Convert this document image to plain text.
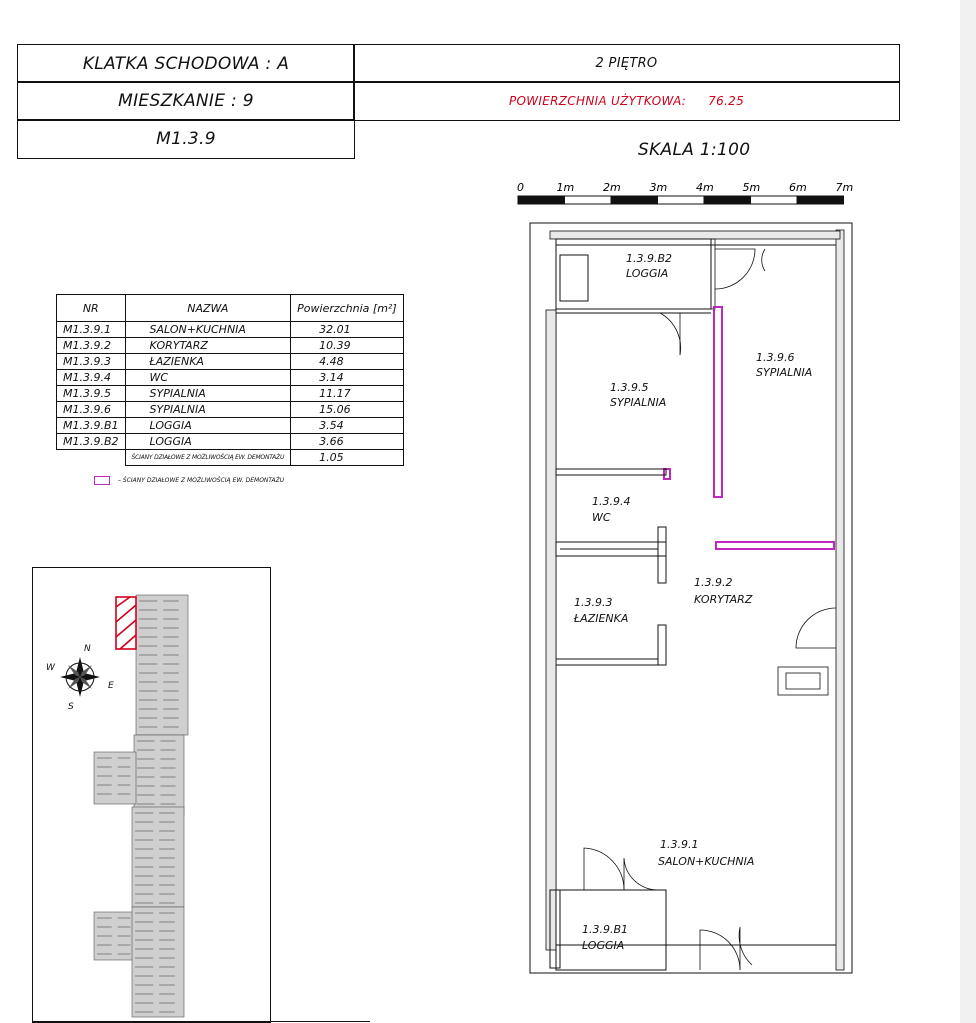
KLATKA SCHODOWA : A	2 PIĘTRO
MIESZKANIE : 9	POWIERZCHNIA UŻYTKOWA: 76.25
M1.3.9
SKALA 1:100
0	1m	2m	3m	4m	5m	6m	7m
NR	NAZWA	Powierzchnia [m²]
M1.3.9.1	SALON+KUCHNIA	32.01
M1.3.9.2	KORYTARZ	10.39
M1.3.9.3	ŁAZIENKA	4.48
M1.3.9.4	WC	3.14
M1.3.9.5	SYPIALNIA	11.17
M1.3.9.6	SYPIALNIA	15.06
M1.3.9.B1	LOGGIA	3.54
M1.3.9.B2	LOGGIA	3.66
	ŚCIANY DZIAŁOWE Z MOŻLIWOŚCIĄ EW. DEMONTAŻU	1.05
– ŚCIANY DZIAŁOWE Z MOŻLIWOŚCIĄ EW. DEMONTAŻU
1.3.9.B2
LOGGIA
1.3.9.6
SYPIALNIA
1.3.9.5
SYPIALNIA
1.3.9.4
WC
1.3.9.2
KORYTARZ
1.3.9.3
ŁAZIENKA
1.3.9.1
SALON+KUCHNIA
1.3.9.B1
LOGGIA
N
E
S
W
